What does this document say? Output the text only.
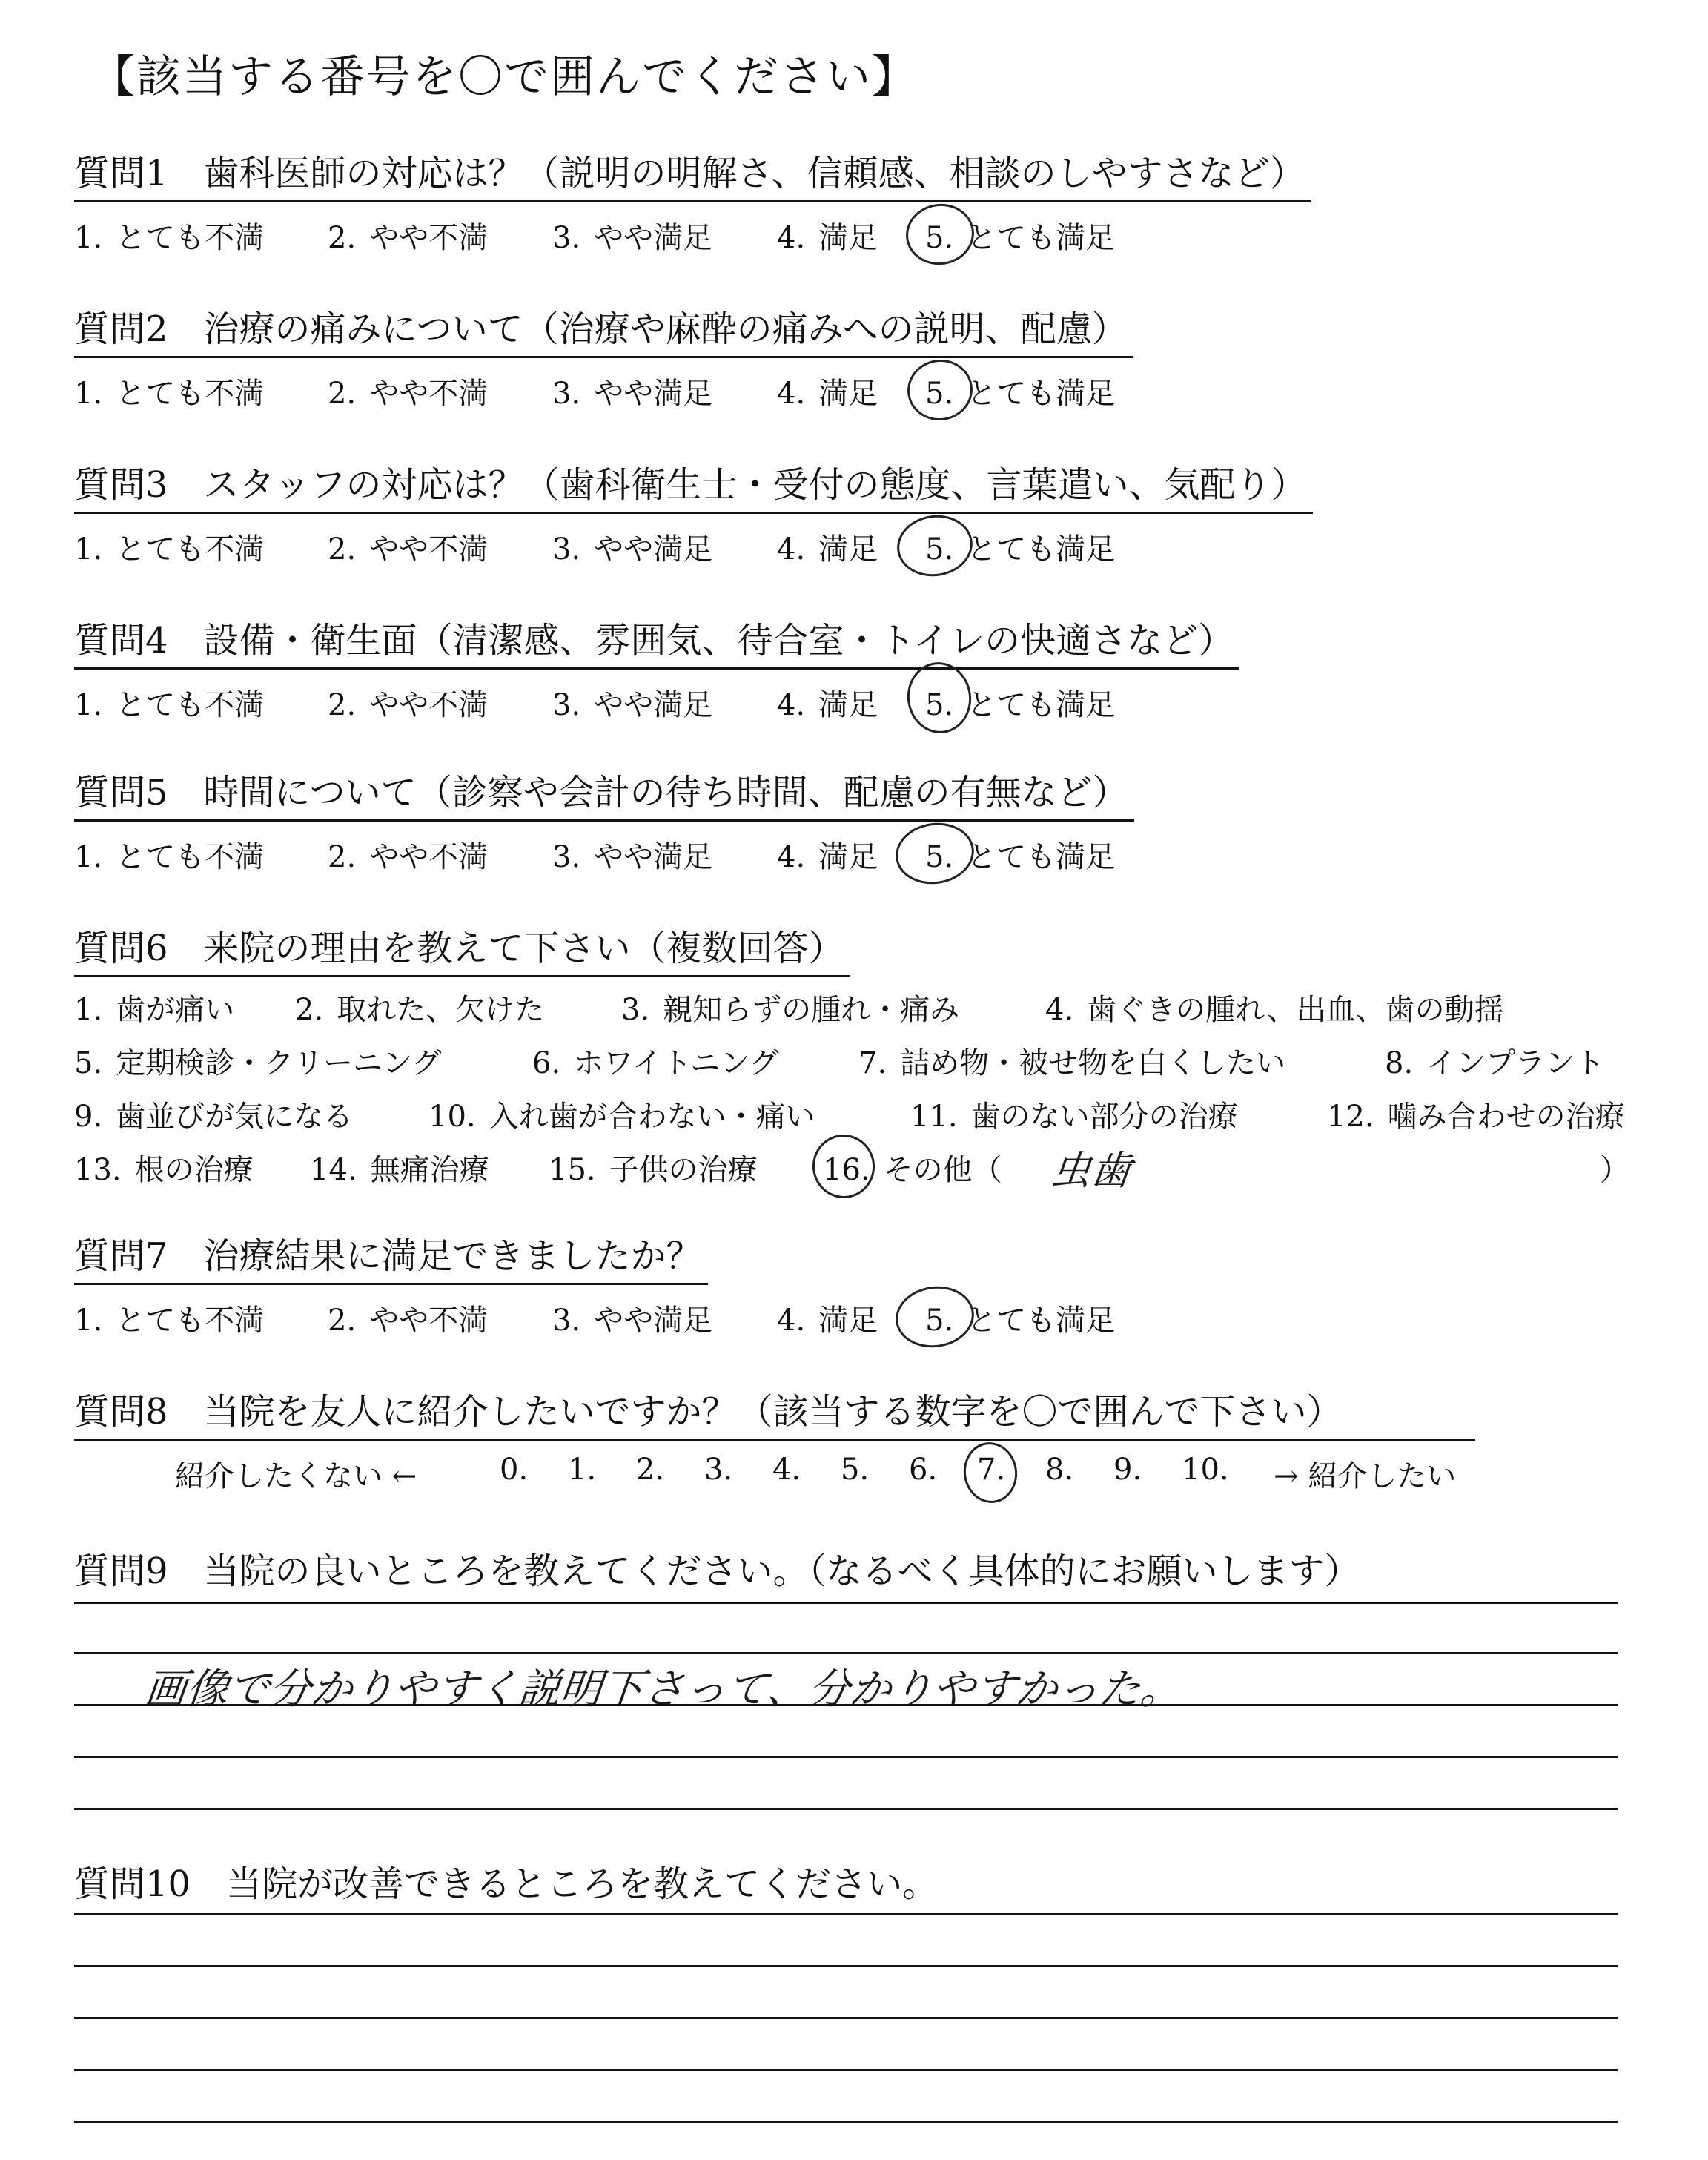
【該当する番号を〇で囲んでください】
質問1　歯科医師の対応は？（説明の明解さ、信頼感、相談のしやすさなど）
1. とても不満 2. やや不満 3. やや満足 4. 満足 5. とても満足
質問2　治療の痛みについて（治療や麻酔の痛みへの説明、配慮）
1. とても不満 2. やや不満 3. やや満足 4. 満足 5. とても満足
質問3　スタッフの対応は？（歯科衛生士・受付の態度、言葉遣い、気配り）
1. とても不満 2. やや不満 3. やや満足 4. 満足 5. とても満足
質問4　設備・衛生面（清潔感、雰囲気、待合室・トイレの快適さなど）
1. とても不満 2. やや不満 3. やや満足 4. 満足 5. とても満足
質問5　時間について（診察や会計の待ち時間、配慮の有無など）
1. とても不満 2. やや不満 3. やや満足 4. 満足 5. とても満足
質問6　来院の理由を教えて下さい（複数回答）
1. 歯が痛い 2. 取れた、欠けた	3. 親知らずの腫れ・痛み	4. 歯ぐきの腫れ、出血、歯の動揺
5. 定期検診・クリーニング	6. ホワイトニング	7. 詰め物・被せ物を白くしたい	8. インプラント
9. 歯並びが気になる	10. 入れ歯が合わない・痛い	11. 歯のない部分の治療	12. 噛み合わせの治療
13. 根の治療 14. 無痛治療 15. 子供の治療 16. その他（ 虫歯	）
質問7　治療結果に満足できましたか？
1. とても不満 2. やや不満 3. やや満足 4. 満足 5. とても満足
質問8　当院を友人に紹介したいですか？（該当する数字を〇で囲んで下さい）
紹介したくない ←	0. 1. 2. 3. 4. 5. 6. 7. 8. 9. 10. → 紹介したい
質問9　当院の良いところを教えてください。（なるべく具体的にお願いします）
画像で分かりやすく説明下さって、分かりやすかった。
質問10　当院が改善できるところを教えてください。
